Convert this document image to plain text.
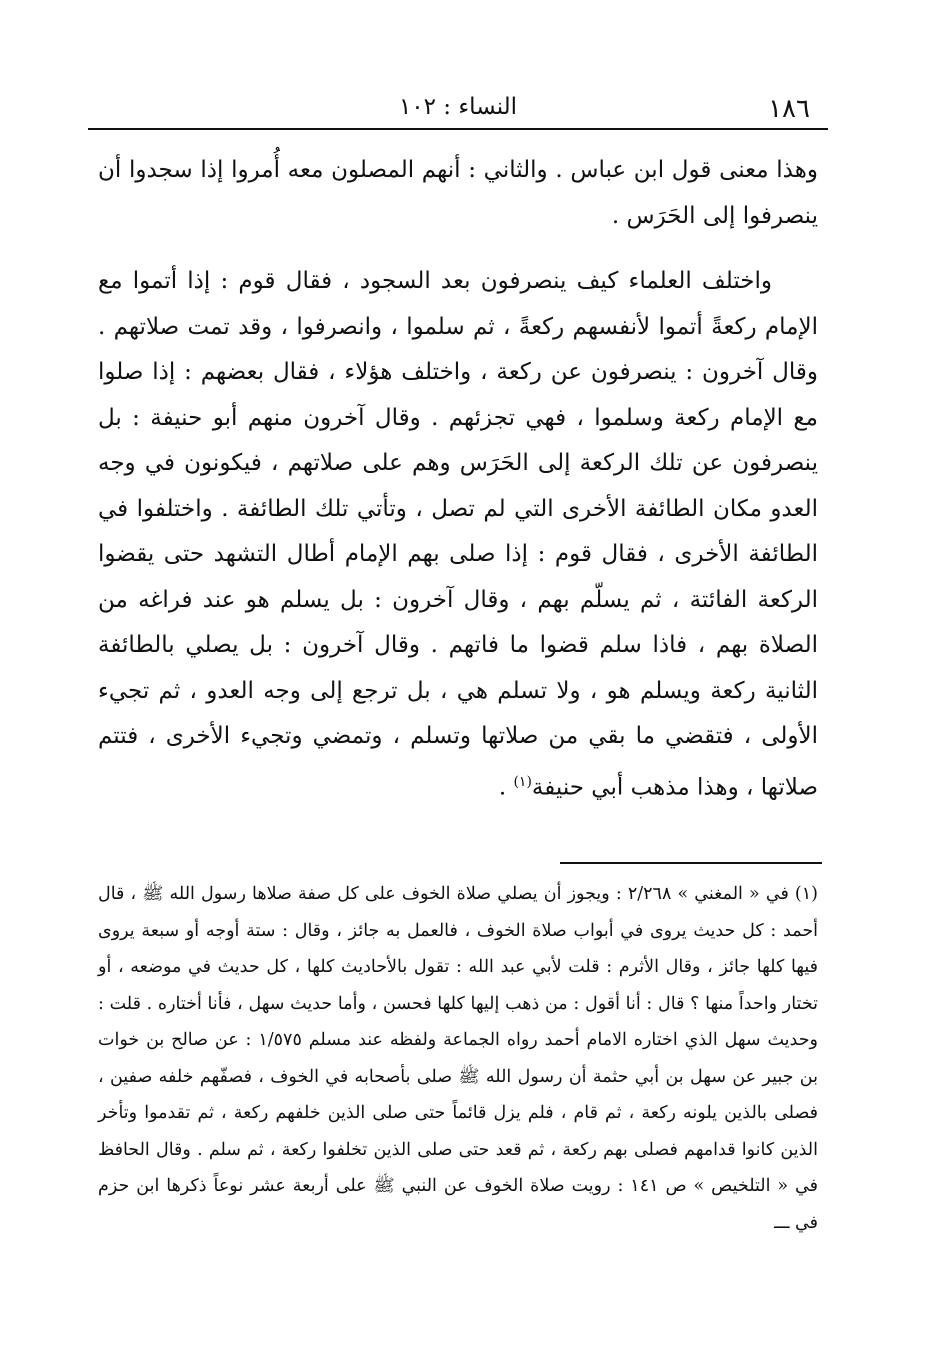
١٨٦
النساء : ١٠٢

وهذا معنى قول ابن عباس . والثاني : أنهم المصلون معه أُمروا إذا سجدوا أن ينصرفوا إلى الحَرَس .

واختلف العلماء كيف ينصرفون بعد السجود ، فقال قوم : إذا أتموا مع الإمام ركعةً أتموا لأنفسهم ركعةً ، ثم سلموا ، وانصرفوا ، وقد تمت صلاتهم . وقال آخرون : ينصرفون عن ركعة ، واختلف هؤلاء ، فقال بعضهم : إذا صلوا مع الإمام ركعة وسلموا ، فهي تجزئهم . وقال آخرون منهم أبو حنيفة : بل ينصرفون عن تلك الركعة إلى الحَرَس وهم على صلاتهم ، فيكونون في وجه العدو مكان الطائفة الأخرى التي لم تصل ، وتأتي تلك الطائفة . واختلفوا في الطائفة الأخرى ، فقال قوم : إذا صلى بهم الإمام أطال التشهد حتى يقضوا الركعة الفائتة ، ثم يسلّم بهم ، وقال آخرون : بل يسلم هو عند فراغه من الصلاة بهم ، فاذا سلم قضوا ما فاتهم . وقال آخرون : بل يصلي بالطائفة الثانية ركعة ويسلم هو ، ولا تسلم هي ، بل ترجع إلى وجه العدو ، ثم تجيء الأولى ، فتقضي ما بقي من صلاتها وتسلم ، وتمضي وتجيء الأخرى ، فتتم صلاتها ، وهذا مذهب أبي حنيفة$^{(١)}$ .

(١) في « المغني » ٢/٢٦٨ : ويجوز أن يصلي صلاة الخوف على كل صفة صلاها رسول الله ﷺ ، قال أحمد : كل حديث يروى في أبواب صلاة الخوف ، فالعمل به جائز ، وقال : ستة أوجه أو سبعة يروى فيها كلها جائز ، وقال الأثرم : قلت لأبي عبد الله : تقول بالأحاديث كلها ، كل حديث في موضعه ، أو تختار واحداً منها ؟ قال : أنا أقول : من ذهب إليها كلها فحسن ، وأما حديث سهل ، فأنا أختاره . قلت : وحديث سهل الذي اختاره الامام أحمد رواه الجماعة ولفظه عند مسلم ١/٥٧٥ : عن صالح بن خوات بن جبير عن سهل بن أبي حثمة أن رسول الله ﷺ صلى بأصحابه في الخوف ، فصفّهم خلفه صفين ، فصلى بالذين يلونه ركعة ، ثم قام ، فلم يزل قائماً حتى صلى الذين خلفهم ركعة ، ثم تقدموا وتأخر الذين كانوا قدامهم فصلى بهم ركعة ، ثم قعد حتى صلى الذين تخلفوا ركعة ، ثم سلم . وقال الحافظ في « التلخيص » ص ١٤١ : رويت صلاة الخوف عن النبي ﷺ على أربعة عشر نوعاً ذكرها ابن حزم في ـــ
